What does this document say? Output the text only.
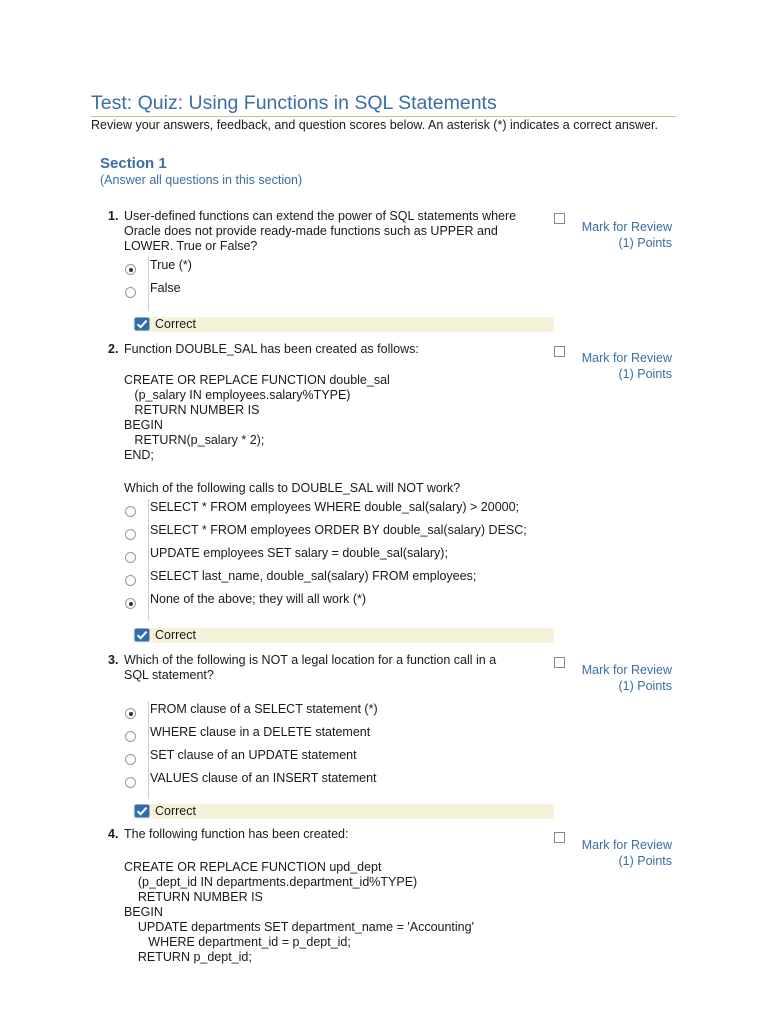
Test: Quiz: Using Functions in SQL Statements
Review your answers, feedback, and question scores below. An asterisk (*) indicates a correct answer.
Section 1
(Answer all questions in this section)
1. User-defined functions can extend the power of SQL statements where Oracle does not provide ready-made functions such as UPPER and LOWER. True or False?
Mark for Review
(1) Points
True (*)
False
Correct
2. Function DOUBLE_SAL has been created as follows:
CREATE OR REPLACE FUNCTION double_sal
(p_salary IN employees.salary%TYPE)
RETURN NUMBER IS
BEGIN
RETURN(p_salary * 2);
END;
Which of the following calls to DOUBLE_SAL will NOT work?
Mark for Review
(1) Points
SELECT * FROM employees WHERE double_sal(salary) > 20000;
SELECT * FROM employees ORDER BY double_sal(salary) DESC;
UPDATE employees SET salary = double_sal(salary);
SELECT last_name, double_sal(salary) FROM employees;
None of the above; they will all work (*)
Correct
3. Which of the following is NOT a legal location for a function call in a SQL statement?	Mark for Review
(1) Points
FROM clause of a SELECT statement (*)
WHERE clause in a DELETE statement
SET clause of an UPDATE statement
VALUES clause of an INSERT statement
Correct
4. The following function has been created:
CREATE OR REPLACE FUNCTION upd_dept
(p_dept_id IN departments.department_id%TYPE)
RETURN NUMBER IS
BEGIN
UPDATE departments SET department_name = 'Accounting'
WHERE department_id = p_dept_id;
RETURN p_dept_id;
Mark for Review
(1) Points
